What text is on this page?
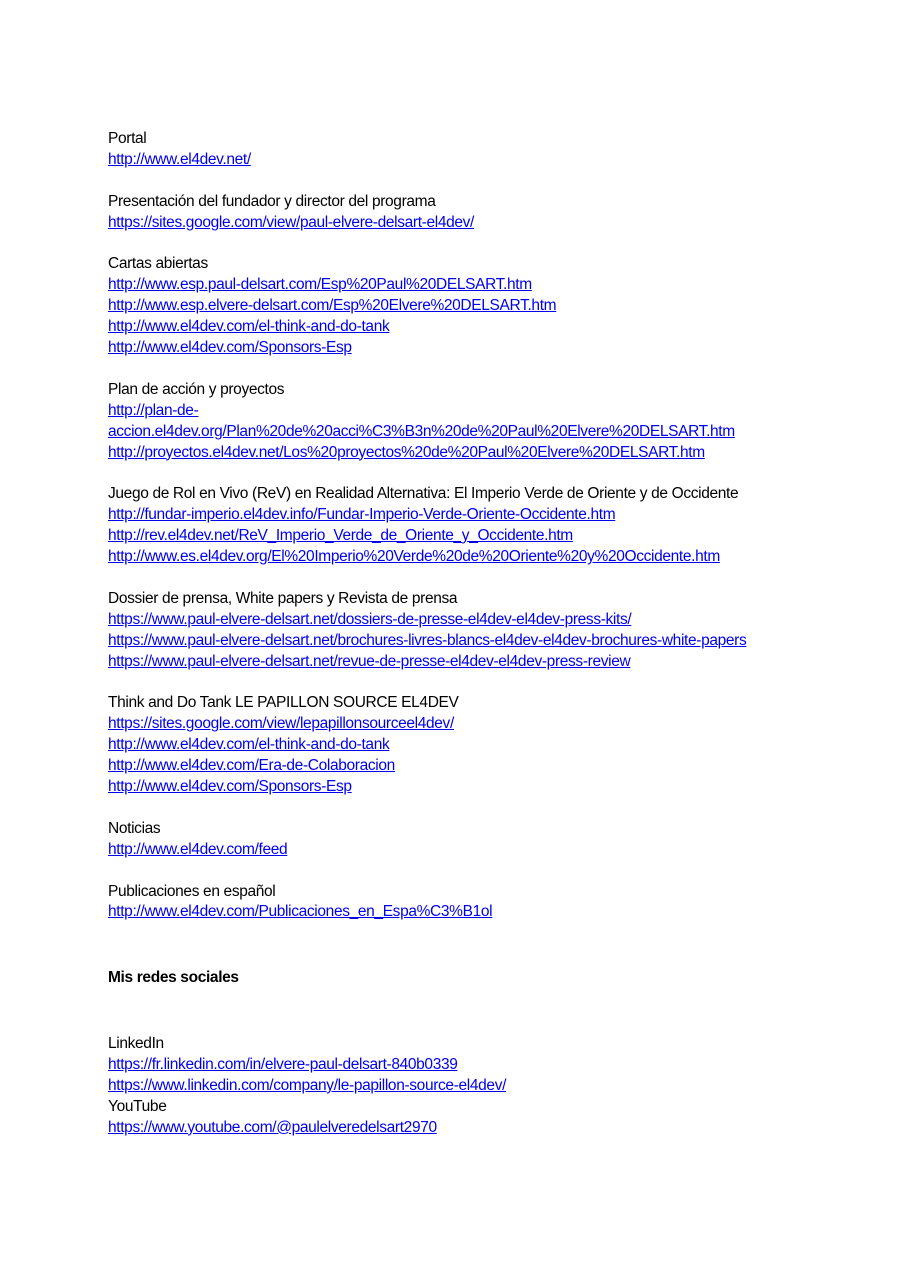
Portal
http://www.el4dev.net/
Presentación del fundador y director del programa
https://sites.google.com/view/paul-elvere-delsart-el4dev/
Cartas abiertas
http://www.esp.paul-delsart.com/Esp%20Paul%20DELSART.htm
http://www.esp.elvere-delsart.com/Esp%20Elvere%20DELSART.htm
http://www.el4dev.com/el-think-and-do-tank
http://www.el4dev.com/Sponsors-Esp
Plan de acción y proyectos
http://plan-de-
accion.el4dev.org/Plan%20de%20acci%C3%B3n%20de%20Paul%20Elvere%20DELSART.htm
http://proyectos.el4dev.net/Los%20proyectos%20de%20Paul%20Elvere%20DELSART.htm
Juego de Rol en Vivo (ReV) en Realidad Alternativa: El Imperio Verde de Oriente y de Occidente
http://fundar-imperio.el4dev.info/Fundar-Imperio-Verde-Oriente-Occidente.htm
http://rev.el4dev.net/ReV_Imperio_Verde_de_Oriente_y_Occidente.htm
http://www.es.el4dev.org/El%20Imperio%20Verde%20de%20Oriente%20y%20Occidente.htm
Dossier de prensa, White papers y Revista de prensa
https://www.paul-elvere-delsart.net/dossiers-de-presse-el4dev-el4dev-press-kits/
https://www.paul-elvere-delsart.net/brochures-livres-blancs-el4dev-el4dev-brochures-white-papers
https://www.paul-elvere-delsart.net/revue-de-presse-el4dev-el4dev-press-review
Think and Do Tank LE PAPILLON SOURCE EL4DEV
https://sites.google.com/view/lepapillonsourceel4dev/
http://www.el4dev.com/el-think-and-do-tank
http://www.el4dev.com/Era-de-Colaboracion
http://www.el4dev.com/Sponsors-Esp
Noticias
http://www.el4dev.com/feed
Publicaciones en español
http://www.el4dev.com/Publicaciones_en_Espa%C3%B1ol
Mis redes sociales
LinkedIn
https://fr.linkedin.com/in/elvere-paul-delsart-840b0339
https://www.linkedin.com/company/le-papillon-source-el4dev/
YouTube
https://www.youtube.com/@paulelveredelsart2970
